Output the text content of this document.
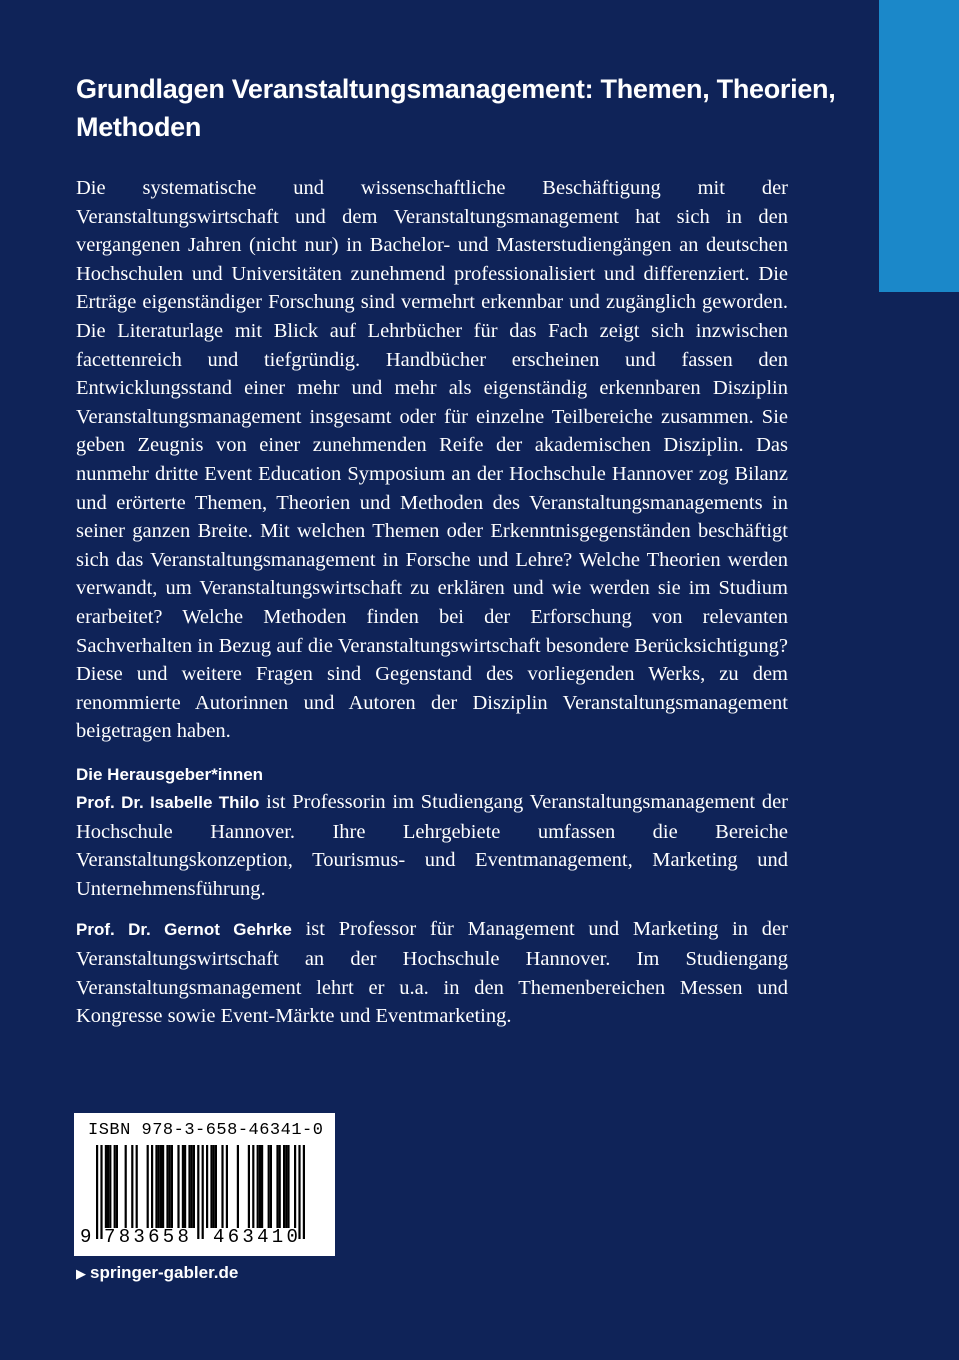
Grundlagen Veranstaltungsmanagement: Themen, Theorien, Methoden

Die systematische und wissenschaftliche Beschäftigung mit der Veranstaltungswirtschaft und dem Veranstaltungsmanagement hat sich in den vergangenen Jahren (nicht nur) in Bachelor- und Masterstudiengängen an deutschen Hochschulen und Universitäten zunehmend professionalisiert und differenziert. Die Erträge eigenständiger Forschung sind vermehrt erkennbar und zugänglich geworden. Die Literaturlage mit Blick auf Lehrbücher für das Fach zeigt sich inzwischen facettenreich und tiefgründig. Handbücher erscheinen und fassen den Entwicklungsstand einer mehr und mehr als eigenständig erkennbaren Disziplin Veranstaltungsmanagement insgesamt oder für einzelne Teilbereiche zusammen. Sie geben Zeugnis von einer zunehmenden Reife der akademischen Disziplin. Das nunmehr dritte Event Education Symposium an der Hochschule Hannover zog Bilanz und erörterte Themen, Theorien und Methoden des Veranstaltungsmanagements in seiner ganzen Breite. Mit welchen Themen oder Erkenntnisgegenständen beschäftigt sich das Veranstaltungsmanagement in Forsche und Lehre? Welche Theorien werden verwandt, um Veranstaltungswirtschaft zu erklären und wie werden sie im Studium erarbeitet? Welche Methoden finden bei der Erforschung von relevanten Sachverhalten in Bezug auf die Veranstaltungswirtschaft besondere Berücksichtigung? Diese und weitere Fragen sind Gegenstand des vorliegenden Werks, zu dem renommierte Autorinnen und Autoren der Disziplin Veranstaltungsmanagement beigetragen haben.

Die Herausgeber*innen

Prof. Dr. Isabelle Thilo ist Professorin im Studiengang Veranstaltungsmanagement der Hochschule Hannover. Ihre Lehrgebiete umfassen die Bereiche Veranstaltungskonzeption, Tourismus- und Eventmanagement, Marketing und Unternehmensführung.

Prof. Dr. Gernot Gehrke ist Professor für Management und Marketing in der Veranstaltungswirtschaft an der Hochschule Hannover. Im Studiengang Veranstaltungsmanagement lehrt er u.a. in den Themenbereichen Messen und Kongresse sowie Event-Märkte und Eventmarketing.

ISBN 978-3-658-46341-0
9 783658 463410
▶ springer-gabler.de
